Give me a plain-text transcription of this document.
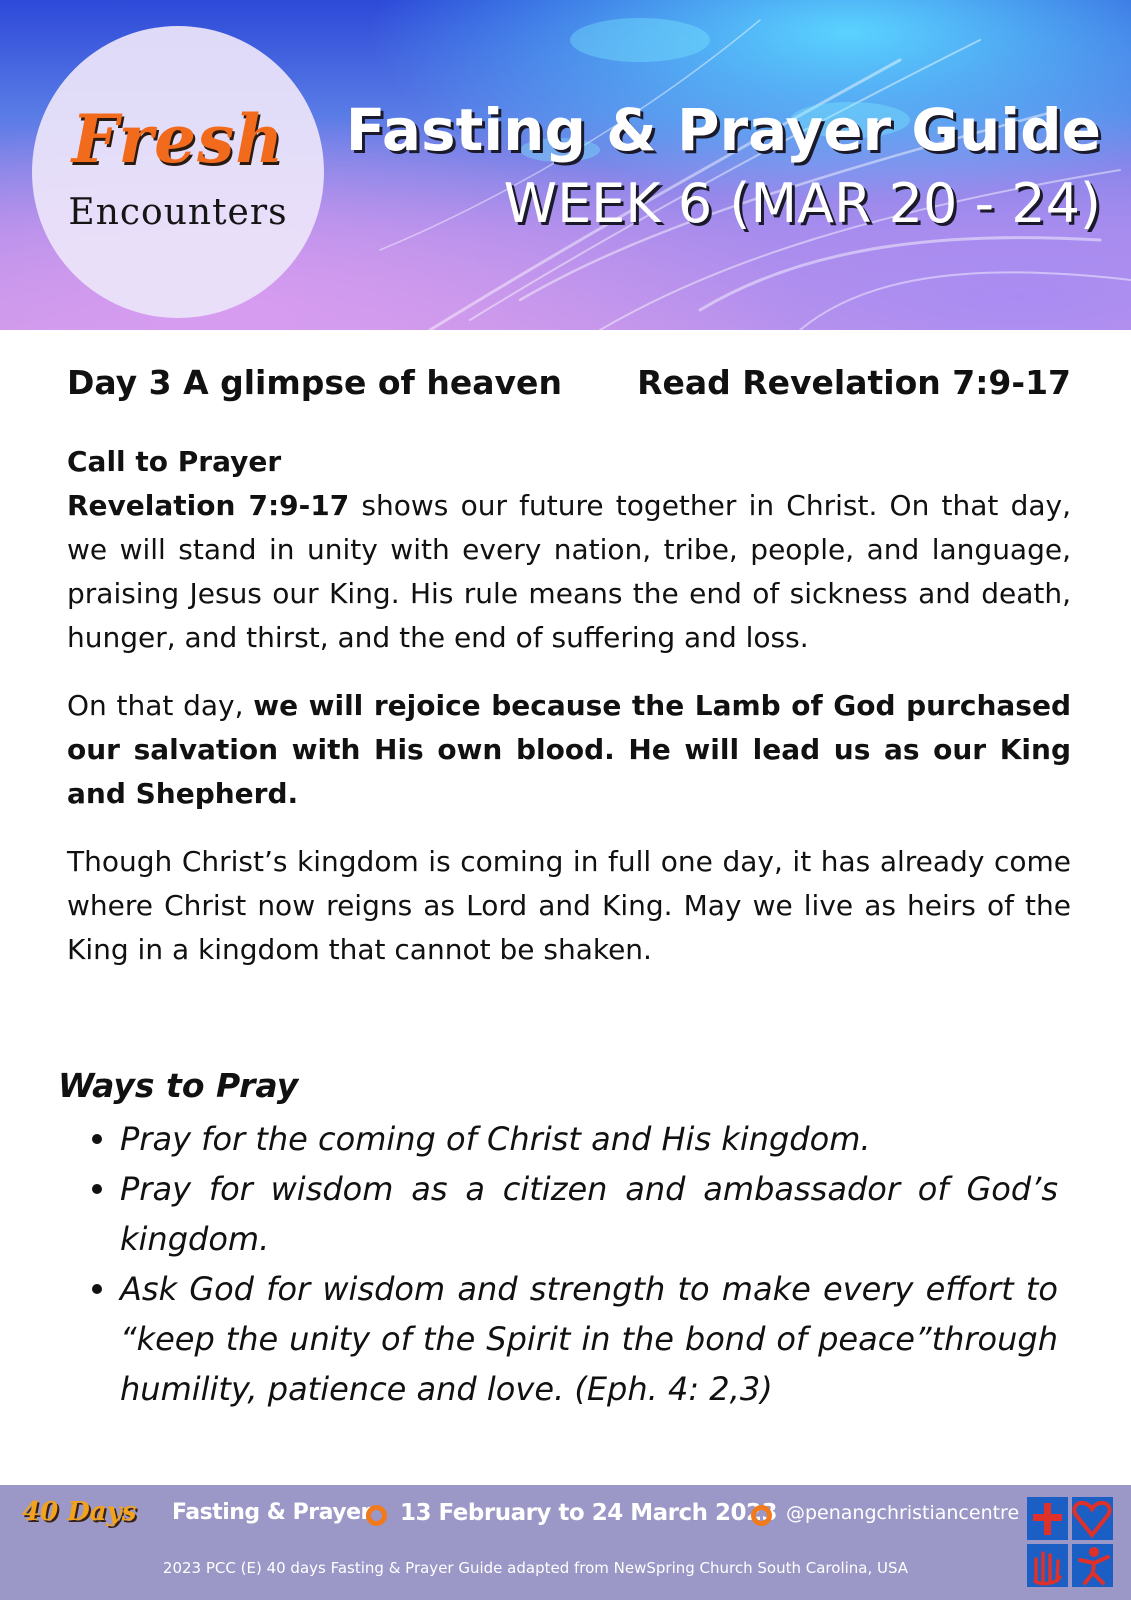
Fresh
Encounters
Fasting & Prayer Guide
WEEK 6 (MAR 20 - 24)
Day 3 A glimpse of heaven Read Revelation 7:9-17
Call to Prayer

Revelation 7:9-17 shows our future together in Christ. On that day, we will stand in unity with every nation, tribe, people, and language, praising Jesus our King. His rule means the end of sickness and death, hunger, and thirst, and the end of suffering and loss.

On that day, we will rejoice because the Lamb of God purchased our salvation with His own blood. He will lead us as our King and Shepherd.

Though Christ’s kingdom is coming in full one day, it has already come where Christ now reigns as Lord and King. May we live as heirs of the King in a kingdom that cannot be shaken.

Ways to Pray
Pray for the coming of Christ and His kingdom.
Pray for wisdom as a citizen and ambassador of God’s kingdom.
Ask God for wisdom and strength to make every effort to “keep the unity of the Spirit in the bond of peace”through humility, patience and love. (Eph. 4: 2,3)
40 Days Fasting & Prayer 13 February to 24 March 2023 @penangchristiancentre
2023 PCC (E) 40 days Fasting & Prayer Guide adapted from NewSpring Church South Carolina, USA
